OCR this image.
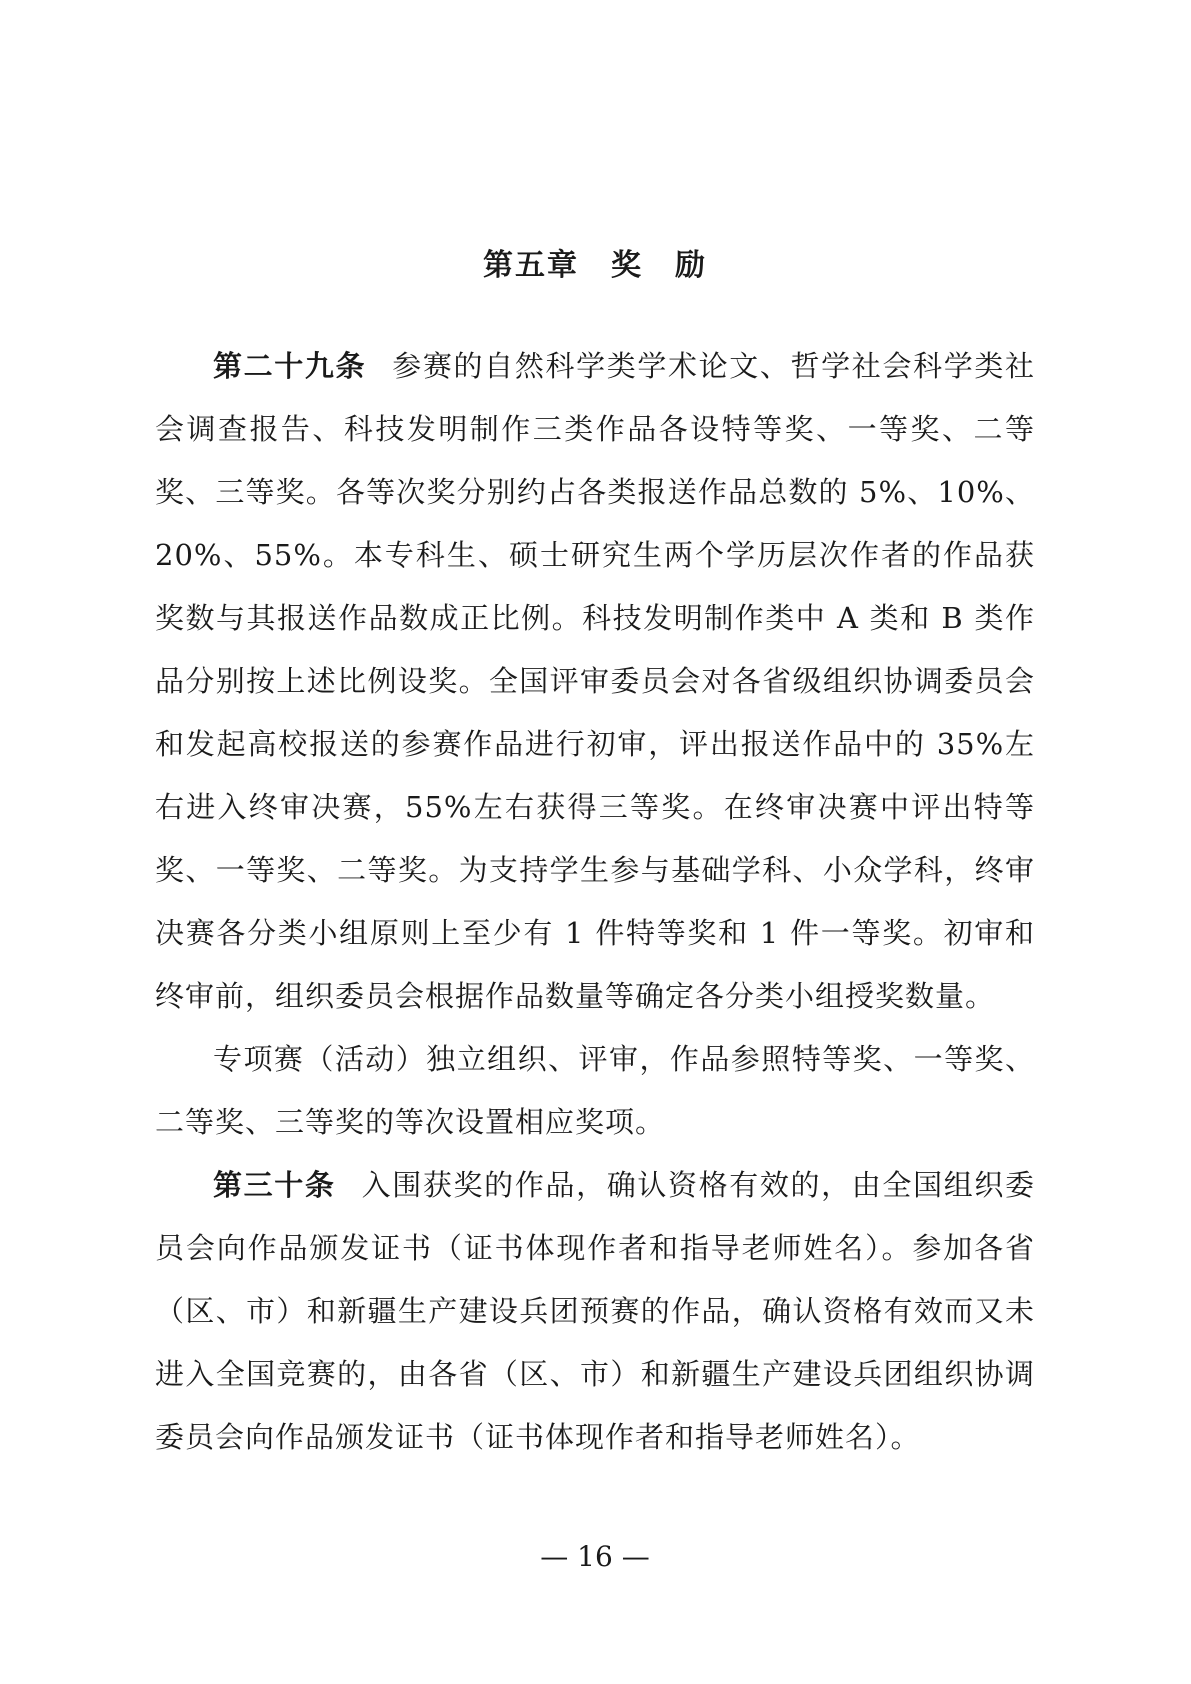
第五章　奖　励

第二十九条 参赛的自然科学类学术论文、哲学社会科学类社会调查报告、科技发明制作三类作品各设特等奖、一等奖、二等奖、三等奖。各等次奖分别约占各类报送作品总数的 5%、10%、20%、55%。本专科生、硕士研究生两个学历层次作者的作品获奖数与其报送作品数成正比例。科技发明制作类中 A 类和 B 类作品分别按上述比例设奖。全国评审委员会对各省级组织协调委员会和发起高校报送的参赛作品进行初审，评出报送作品中的 35%左右进入终审决赛，55%左右获得三等奖。在终审决赛中评出特等奖、一等奖、二等奖。为支持学生参与基础学科、小众学科，终审决赛各分类小组原则上至少有 1 件特等奖和 1 件一等奖。初审和终审前，组织委员会根据作品数量等确定各分类小组授奖数量。

专项赛（活动）独立组织、评审，作品参照特等奖、一等奖、二等奖、三等奖的等次设置相应奖项。

第三十条 入围获奖的作品，确认资格有效的，由全国组织委员会向作品颁发证书（证书体现作者和指导老师姓名）。参加各省（区、市）和新疆生产建设兵团预赛的作品，确认资格有效而又未进入全国竞赛的，由各省（区、市）和新疆生产建设兵团组织协调委员会向作品颁发证书（证书体现作者和指导老师姓名）。

— 16 —
